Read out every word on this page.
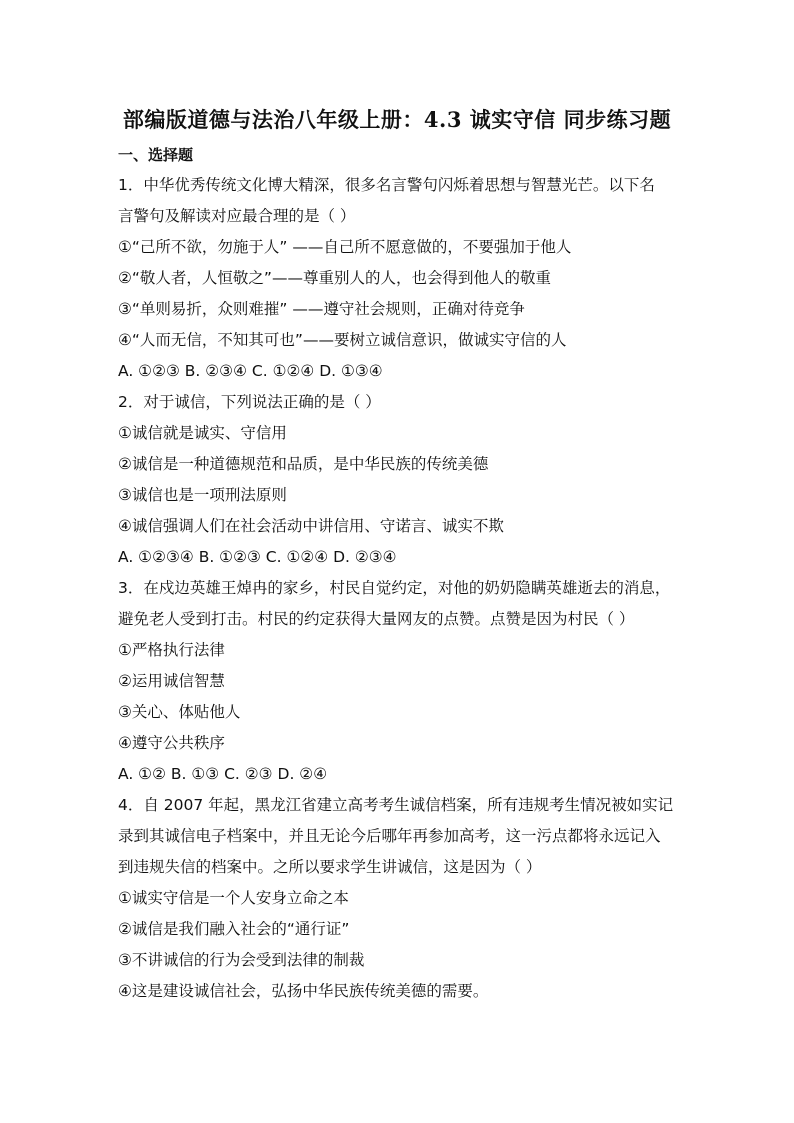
部编版道德与法治八年级上册：4.3 诚实守信 同步练习题
一、选择题
1．中华优秀传统文化博大精深，很多名言警句闪烁着思想与智慧光芒。以下名
言警句及解读对应最合理的是（ ）
①“己所不欲，勿施于人” ——自己所不愿意做的，不要强加于他人
②“敬人者，人恒敬之”——尊重别人的人，也会得到他人的敬重
③“单则易折，众则难摧” ——遵守社会规则，正确对待竞争
④“人而无信，不知其可也”——要树立诚信意识，做诚实守信的人
A. ①②③ B. ②③④ C. ①②④ D. ①③④
2．对于诚信，下列说法正确的是（ ）
①诚信就是诚实、守信用
②诚信是一种道德规范和品质，是中华民族的传统美德
③诚信也是一项刑法原则
④诚信强调人们在社会活动中讲信用、守诺言、诚实不欺
A. ①②③④ B. ①②③ C. ①②④ D. ②③④
3．在戍边英雄王焯冉的家乡，村民自觉约定，对他的奶奶隐瞒英雄逝去的消息，
避免老人受到打击。村民的约定获得大量网友的点赞。点赞是因为村民（ ）
①严格执行法律
②运用诚信智慧
③关心、体贴他人
④遵守公共秩序
A. ①② B. ①③ C. ②③ D. ②④
4．自 2007 年起，黑龙江省建立高考考生诚信档案，所有违规考生情况被如实记
录到其诚信电子档案中，并且无论今后哪年再参加高考，这一污点都将永远记入
到违规失信的档案中。之所以要求学生讲诚信，这是因为（ ）
①诚实守信是一个人安身立命之本
②诚信是我们融入社会的“通行证”
③不讲诚信的行为会受到法律的制裁
④这是建设诚信社会，弘扬中华民族传统美德的需要。
